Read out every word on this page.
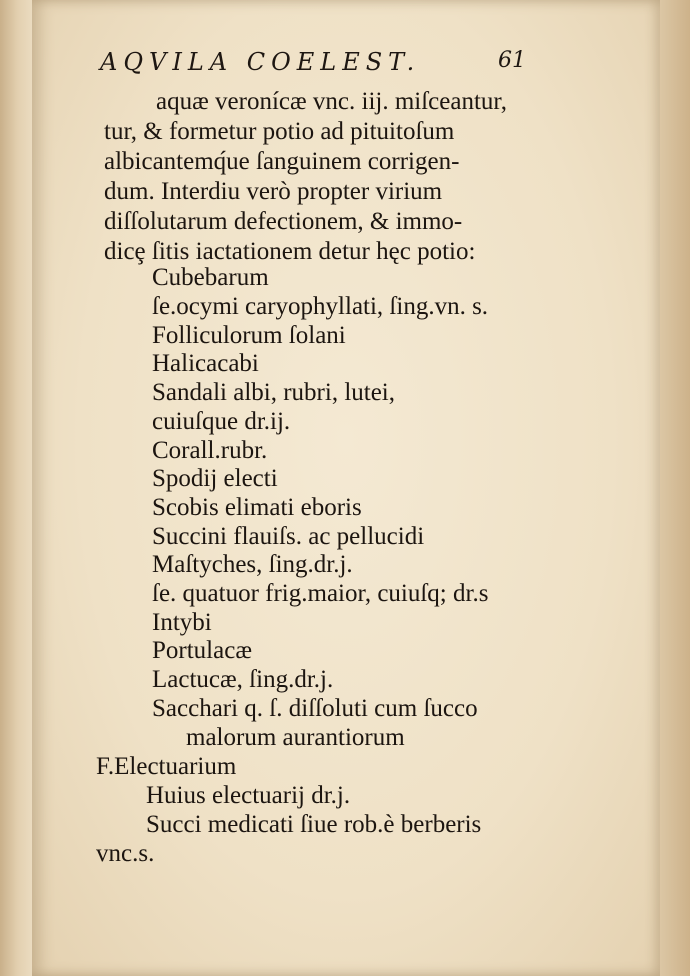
AQVILA COELEST.	61
aquæ veronícæ vnc. iij. miſceantur,
tur, & formetur potio ad pituitoſum
albicantemq́ue ſanguinem corrigen-
dum. Interdiu verò propter virium
diſſolutarum defectionem, & immo-
dicȩ ſitis iactationem detur hęc potio:
Cubebarum
ſe.ocymi caryophyllati, ſing.vn. s.
Folliculorum ſolani
Halicacabi
Sandali albi, rubri, lutei,
cuiuſque dr.ij.
Corall.rubr.
Spodij electi
Scobis elimati eboris
Succini flauiſs. ac pellucidi
Maſtyches, ſing.dr.j.
ſe. quatuor frig.maior, cuiuſq; dr.s
Intybi
Portulacæ
Lactucæ, ſing.dr.j.
Sacchari q. ſ. diſſoluti cum ſucco
malorum aurantiorum
F.Electuarium
Huius electuarij dr.j.
Succi medicati ſiue rob.è berberis
vnc.s.
